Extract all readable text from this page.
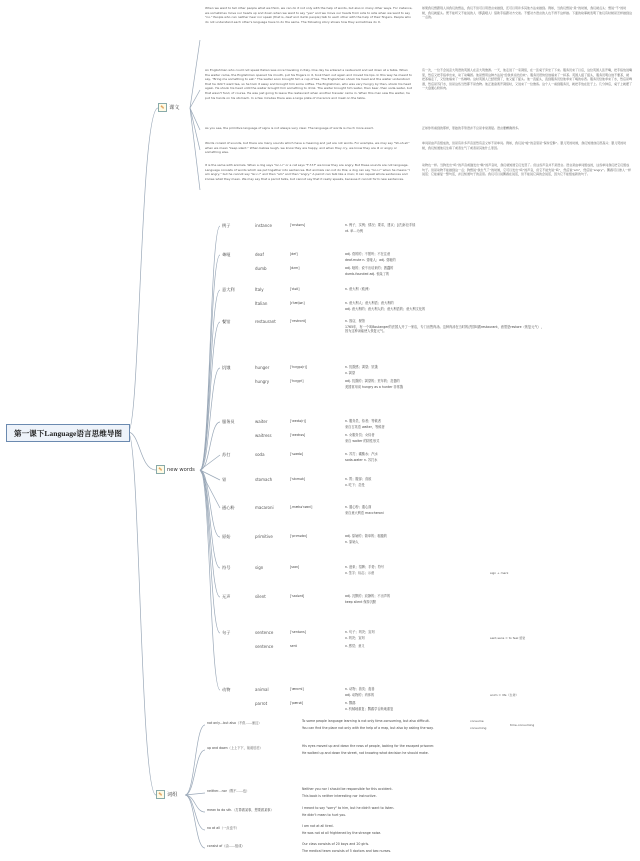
第一课下Language语言思维导图
✎ 课文
✎ new words
✎ 词组
When we want to tell other people what we think, we can do it not only with the help of words, but also in many other ways. For instance, we sometimes move our heads up and down when we want to say "yes" and we move our heads from side to side when we want to say "no." People who can neither hear nor speak (that is, deaf and dumb people) talk to each other with the help of their fingers. People who do not understand each other's language have to do the same. The following story shows how they sometimes do it.
如果我们想跟别人讲我们的想法，我们不但可以用语言来做到，还可以用许多其他方法来做到。例如，当我们想说“是”的时候，我们就点头；想说“不”的时候，我们就摇头。既不能听又不能说的人（即聋哑人）借助手指跟对方交谈。不懂对方语言的人也不得不这样做。下面的故事就表明了他们有时候是怎样做到这一点的。
An Englishman who could not speak Italian was once traveling in Italy. One day he entered a restaurant and sat down at a table. When the waiter came, the Englishman opened his mouth, put his fingers in it, took them out again and moved his lips. In this way he meant to say, "Bring me something to eat." The waiter soon brought him a cup of tea. The Englishman shook his head and the waiter understood that he didn't want tea, so he took it away and brought him some coffee. The Englishman, who was very hungry by then, shook his head again. He shook his head until the waiter brought him something to drink. The waiter brought him water, then beer, then soda-water, but that wasn't food, of course. He was just going to leave the restaurant when another traveler came in. When this man saw the waiter, he put his hands on his stomach. In a few minutes there was a large plate of macaroni and meat on the table.
有一次，一位不会说意大利语的英国人在意大利旅游。一天，他走进了一家餐馆，在一张桌子旁坐了下来。服务员来了以后，这位英国人张开嘴，把手指放进嘴里，然后又把手指拿出来，动了动嘴唇。他是想用这种方法说“给我拿点吃的来”。服务员很快给他端来了一杯茶。英国人摇了摇头，服务员明白他不要茶，就把茶端走了，又给他端来了一些咖啡。这时英国人已经很饿了，他又摇了摇头。他一直摇头，直到服务员给他拿来了喝的东西。服务员给他拿来了水，然后是啤酒，然后是苏打水，但是这些当然都不是食物。他正准备离开餐馆时，又进来了一位旅客。这个人一看到服务员，就把手放在肚子上。几分钟后，桌子上就摆了一大盘通心粉和肉。
As you see, the primitive language of signs is not always very clear. The language of words is much more exact.	正如你所看到的那样，原始的手势语并不总是非常清楚。语言要精确得多。
Words consist of sounds, but there are many sounds which have a meaning and yet are not words. For example, we may say "Sh-sh-sh" when we mean "keep silent." When babies laugh, we know they are happy, and when they cry, we know they are ill or angry or something else.
单词是由声音组成的，但是有许多声音虽然有意义却不是单词。例如，我们说“嘘”的意思是“保持安静”。婴儿笑的时候，我们知道他们很高兴；婴儿哭的时候，我们知道他们生病了或者生气了或者是其他什么原因。
It is the same with animals. When a dog says "Gr-r-r" or a cat says "F-f-f-f" we know they are angry. But these sounds are not language. Language consists of words which we put together into sentences. But animals can not do this; a dog can say "Gr-r-r" when he means "I am angry," but he cannot say "Gr-r-r" and then "am" and then "angry." A parrot can talk like a man; it can repeat whole sentences and knows what they mean. We may say that a parrot talks, but cannot say that it really speaks, because it cannot form new sentences.
动物也一样。当狗发出“呜”的声音或猫发出“嘶”的声音时，我们就知道它们发怒了。但这些声音并不是语言。语言是由单词组成的，这些单词我们把它们组成句子。但是动物不能做到这一点；狗想说“我生气了”的时候，它可以发出“呜”的声音，但它不能先说“呜”，然后说“am”，然后说“angry”。鹦鹉可以像人一样说话；它能重复一整句话，并且知道句子的意思。我们可以说鹦鹉在说话，但不能说它真的会说话，因为它不能组成新的句子。
例子	instance	[ˈɪnstəns]	n. 例子，实例；情况；要求，建议；[法]诉讼手续
vt. 举…为例
聋哑	deaf	[def]	adj. 聋的的；不愿听；不在注意
deaf-mute n. 聋哑人；adj. 聋哑的
dumb	[dʌm]	adj. 哑的；说不出话来的；愚蠢的
dumb-founded adj. 惊呆了的
意大利	Italy	[ˈɪtəli]	n. 意大利（欧洲）
Italian	[ɪˈtæljən]	n. 意大利人；意大利语；意大利的
adj. 意大利的；意大利人的；意大利语的；意大利文化的
餐馆	restaurant	[ˈrestrɒnt]	n. 饭店，餐馆
1765年，有一个叫Boulanger的法国人开了一家店，专门出售肉汤。这种肉汤在当时的法国叫做restaurant，意思是restore（恢复元气），因为这种汤能使人恢复元气。
饥饿	hunger	[ˈhʌŋɡə(r)]	n. 饥饿感；渴望；饥饿
v. 渴望
hungry	[ˈhʌŋɡri]	adj. 饥饿的；渴望的；荒年的；贪婪的
美国常用词 hungry as a hunter 非常饿
服务员	waiter	[ˈweɪtə(r)]	n. 服务员，侍者；等候者
来自古英语 waiter，等候者
waitress	[ˈweɪtrəs]	n. 女服务员；女侍者
来自 waiter 的阴性形式
苏打	soda	[ˈsəʊdə]	n. 苏打；碳酸水；汽水
soda-water n. 苏打水
胃	stomach	[ˈstʌmək]	n. 胃；腹部；食欲
v. 吃下；忍受
通心粉	macaroni	[ˌmækəˈrəʊni]	n. 通心粉；通心面
来自意大利语 maccheroni
原始	primitive	[ˈprɪmətɪv]	adj. 原始的；简单的；粗糙的
n. 原始人
符号	sign	[saɪn]	n. 迹象；招牌；手势；符号
v. 签字；标志；示意	sign + mark
无声	silent	[ˈsaɪlənt]	adj. 沉默的；寂静的；不出声的
keep silent 保持沉默
句子	sentence	[ˈsentəns]	n. 句子；判决；宣判
v. 判决；宣判
sentence	sent	v. 感觉；意义
sent,sens = to feel 感觉
动物	animal	[ˈænɪml]	n. 动物；兽类；禽兽
adj. 动物的；肉体的
parrot	[ˈpærət]	n. 鹦鹉
v. 机械地重复；鹦鹉学舌般地重复
anim = life（生命）
not only…but also（不但……而且）	To some people language learning is not only time-consuming, but also difficult.
You can find the place not only with the help of a map, but also by asking the way.
consume
consuming
time-consuming
up and down（上上下下，前前后后）	His eyes moved up and down the rows of people, looking for the escaped prisoner.
He walked up and down the street, not knowing what decision he should make.
neither…nor（既不……也）	Neither you nor I should be responsible for this accident.
This book is neither interesting nor instructive.
mean to do sth.（打算做某事，想要做某事）	I meant to say "sorry" to him, but he didn't want to listen.
He didn't mean to hurt you.
no at all（一点也不）	I am not at all tired.
He was not at all frightened by the strange noise.
consist of（由……组成）	Our class consists of 20 boys and 20 girls.
The medical team consists of 5 doctors and two nurses.
